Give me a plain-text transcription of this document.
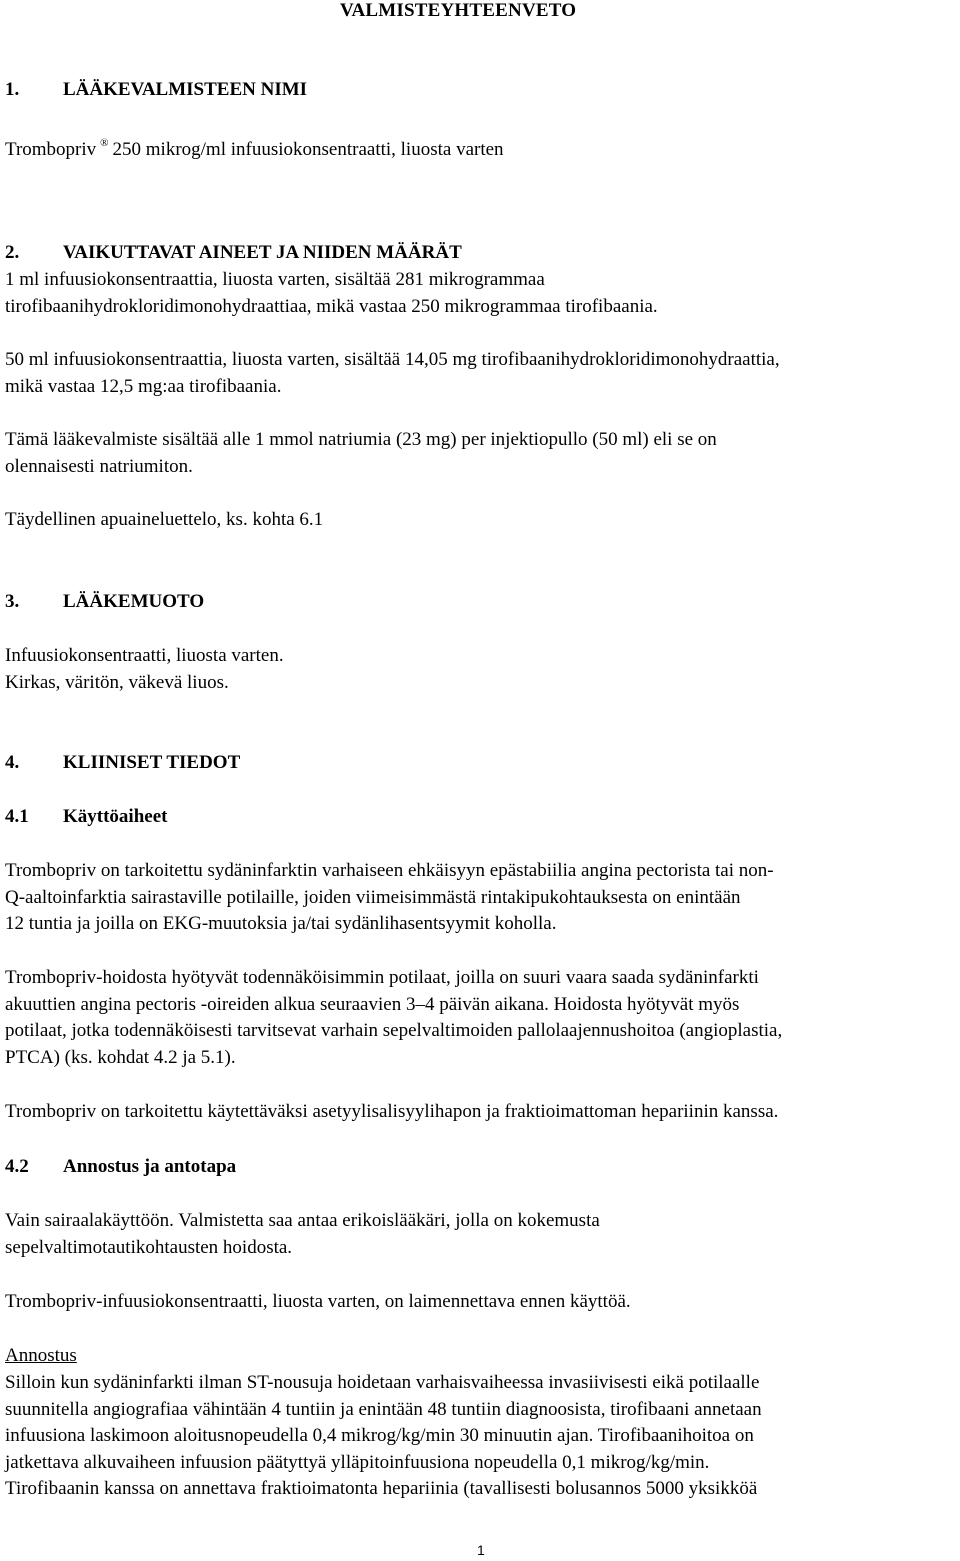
VALMISTEYHTEENVETO
1. LÄÄKEVALMISTEEN NIMI
Trombopriv ® 250 mikrog/ml infuusiokonsentraatti, liuosta varten
2. VAIKUTTAVAT AINEET JA NIIDEN MÄÄRÄT
1 ml infuusiokonsentraattia, liuosta varten, sisältää 281 mikrogrammaa
tirofibaanihydrokloridimonohydraattiaa, mikä vastaa 250 mikrogrammaa tirofibaania.
50 ml infuusiokonsentraattia, liuosta varten, sisältää 14,05 mg tirofibaanihydrokloridimonohydraattia,
mikä vastaa 12,5 mg:aa tirofibaania.
Tämä lääkevalmiste sisältää alle 1 mmol natriumia (23 mg) per injektiopullo (50 ml) eli se on
olennaisesti natriumiton.
Täydellinen apuaineluettelo, ks. kohta 6.1
3. LÄÄKEMUOTO
Infuusiokonsentraatti, liuosta varten.
Kirkas, väritön, väkevä liuos.
4. KLIINISET TIEDOT
4.1 Käyttöaiheet
Trombopriv on tarkoitettu sydäninfarktin varhaiseen ehkäisyyn epästabiilia angina pectorista tai non-
Q-aaltoinfarktia sairastaville potilaille, joiden viimeisimmästä rintakipukohtauksesta on enintään
12 tuntia ja joilla on EKG-muutoksia ja/tai sydänlihasentsyymit koholla.
Trombopriv-hoidosta hyötyvät todennäköisimmin potilaat, joilla on suuri vaara saada sydäninfarkti
akuuttien angina pectoris -oireiden alkua seuraavien 3–4 päivän aikana. Hoidosta hyötyvät myös
potilaat, jotka todennäköisesti tarvitsevat varhain sepelvaltimoiden pallolaajennushoitoa (angioplastia,
PTCA) (ks. kohdat 4.2 ja 5.1).
Trombopriv on tarkoitettu käytettäväksi asetyylisalisyylihapon ja fraktioimattoman hepariinin kanssa.
4.2 Annostus ja antotapa
Vain sairaalakäyttöön. Valmistetta saa antaa erikoislääkäri, jolla on kokemusta
sepelvaltimotautikohtausten hoidosta.
Trombopriv-infuusiokonsentraatti, liuosta varten, on laimennettava ennen käyttöä.
Annostus
Silloin kun sydäninfarkti ilman ST-nousuja hoidetaan varhaisvaiheessa invasiivisesti eikä potilaalle
suunnitella angiografiaa vähintään 4 tuntiin ja enintään 48 tuntiin diagnoosista, tirofibaani annetaan
infuusiona laskimoon aloitusnopeudella 0,4 mikrog/kg/min 30 minuutin ajan. Tirofibaanihoitoa on
jatkettava alkuvaiheen infuusion päätyttyä ylläpitoinfuusiona nopeudella 0,1 mikrog/kg/min.
Tirofibaanin kanssa on annettava fraktioimatonta hepariinia (tavallisesti bolusannos 5000 yksikköä
1
